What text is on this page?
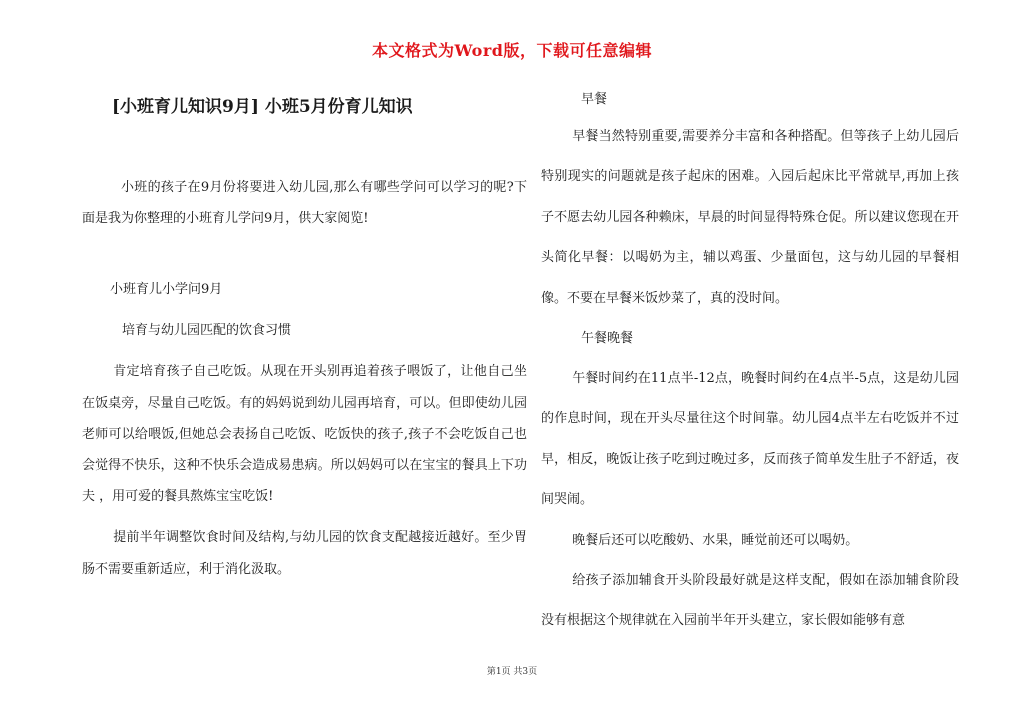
本文格式为Word版，下载可任意编辑
[小班育儿知识9月] 小班5月份育儿知识

小班的孩子在9月份将要进入幼儿园,那么有哪些学问可以学习的呢?下面是我为你整理的小班育儿学问9月，供大家阅览!

小班育儿小学问9月

培育与幼儿园匹配的饮食习惯

肯定培育孩子自己吃饭。从现在开头别再追着孩子喂饭了，让他自己坐在饭桌旁，尽量自己吃饭。有的妈妈说到幼儿园再培育，可以。但即使幼儿园老师可以给喂饭,但她总会表扬自己吃饭、吃饭快的孩子,孩子不会吃饭自己也会觉得不快乐，这种不快乐会造成易患病。所以妈妈可以在宝宝的餐具上下功夫 ，用可爱的餐具熬炼宝宝吃饭!

提前半年调整饮食时间及结构,与幼儿园的饮食支配越接近越好。至少胃肠不需要重新适应，利于消化汲取。

早餐

早餐当然特别重要,需要养分丰富和各种搭配。但等孩子上幼儿园后特别现实的问题就是孩子起床的困难。入园后起床比平常就早,再加上孩子不愿去幼儿园各种赖床，早晨的时间显得特殊仓促。所以建议您现在开头简化早餐：以喝奶为主，辅以鸡蛋、少量面包，这与幼儿园的早餐相像。不要在早餐米饭炒菜了，真的没时间。

午餐晚餐

午餐时间约在11点半-12点，晚餐时间约在4点半-5点，这是幼儿园的作息时间，现在开头尽量往这个时间靠。幼儿园4点半左右吃饭并不过早，相反，晚饭让孩子吃到过晚过多，反而孩子简单发生肚子不舒适，夜间哭闹。

晚餐后还可以吃酸奶、水果，睡觉前还可以喝奶。

给孩子添加辅食开头阶段最好就是这样支配，假如在添加辅食阶段没有根据这个规律就在入园前半年开头建立，家长假如能够有意

第1页 共3页
